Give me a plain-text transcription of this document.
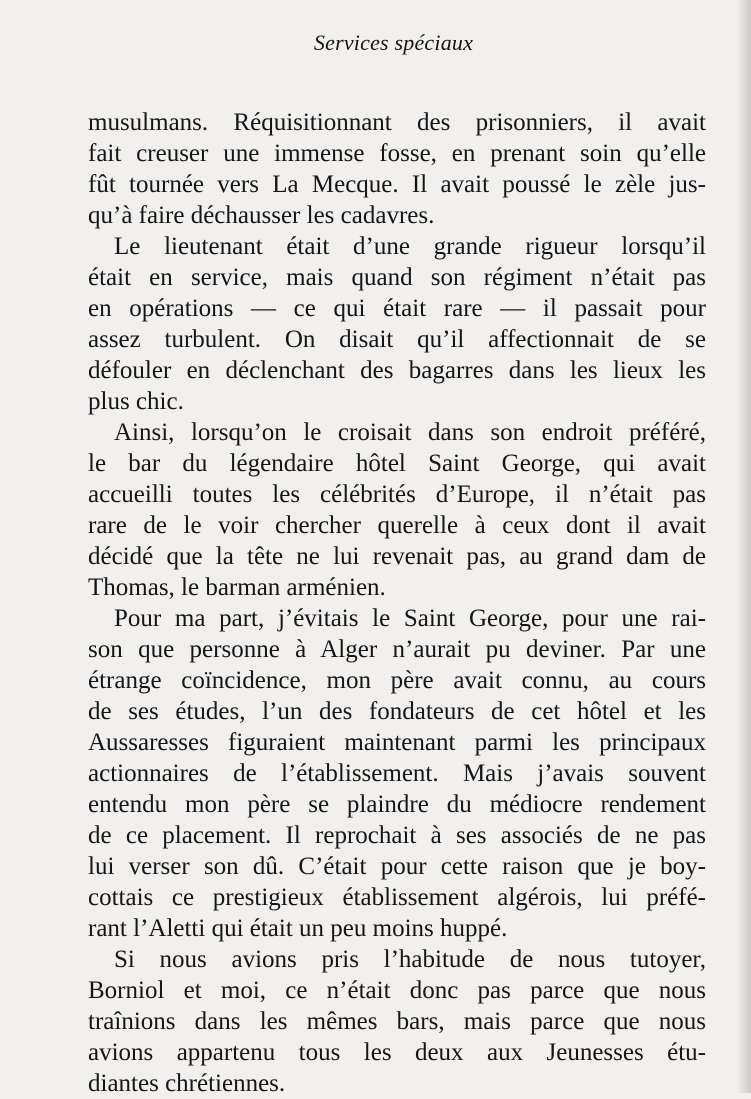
Services spéciaux
musulmans. Réquisitionnant des prisonniers, il avait
fait creuser une immense fosse, en prenant soin qu’elle
fût tournée vers La Mecque. Il avait poussé le zèle jus-
qu’à faire déchausser les cadavres.
Le lieutenant était d’une grande rigueur lorsqu’il
était en service, mais quand son régiment n’était pas
en opérations — ce qui était rare — il passait pour
assez turbulent. On disait qu’il affectionnait de se
défouler en déclenchant des bagarres dans les lieux les
plus chic.
Ainsi, lorsqu’on le croisait dans son endroit préféré,
le bar du légendaire hôtel Saint George, qui avait
accueilli toutes les célébrités d’Europe, il n’était pas
rare de le voir chercher querelle à ceux dont il avait
décidé que la tête ne lui revenait pas, au grand dam de
Thomas, le barman arménien.
Pour ma part, j’évitais le Saint George, pour une rai-
son que personne à Alger n’aurait pu deviner. Par une
étrange coïncidence, mon père avait connu, au cours
de ses études, l’un des fondateurs de cet hôtel et les
Aussaresses figuraient maintenant parmi les principaux
actionnaires de l’établissement. Mais j’avais souvent
entendu mon père se plaindre du médiocre rendement
de ce placement. Il reprochait à ses associés de ne pas
lui verser son dû. C’était pour cette raison que je boy-
cottais ce prestigieux établissement algérois, lui préfé-
rant l’Aletti qui était un peu moins huppé.
Si nous avions pris l’habitude de nous tutoyer,
Borniol et moi, ce n’était donc pas parce que nous
traînions dans les mêmes bars, mais parce que nous
avions appartenu tous les deux aux Jeunesses étu-
diantes chrétiennes.
